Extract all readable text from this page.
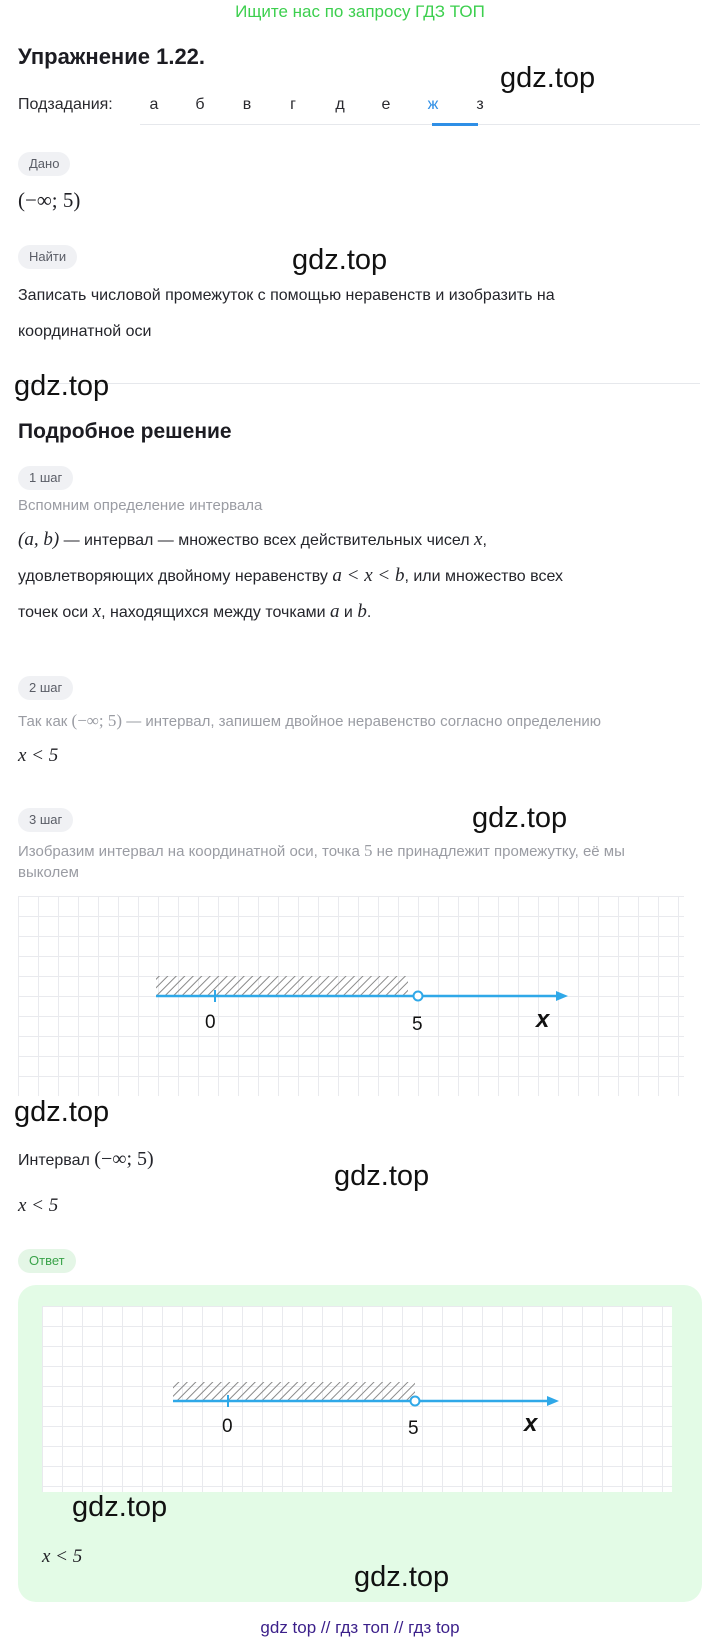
Ищите нас по запросу ГДЗ ТОП
Упражнение 1.22.
gdz.top
Подзадания:	а	б	в	г	д	е	ж	з
Дано
(−∞; 5)
Найти	gdz.top
Записать числовой промежуток с помощью неравенств и изобразить на
координатной оси
gdz.top
Подробное решение
1 шаг
Вспомним определение интервала
(a, b) — интервал — множество всех действительных чисел x,
удовлетворяющих двойному неравенству a < x < b, или множество всех
точек оси x, находящихся между точками a и b.
2 шаг
Так как (−∞; 5) — интервал, запишем двойное неравенство согласно определению
x < 5
3 шаг	gdz.top
Изобразим интервал на координатной оси, точка 5 не принадлежит промежутку, её мы
выколем
0	5	x
gdz.top
Интервал (−∞; 5)
gdz.top
x < 5
Ответ
0	5	x
gdz.top
x < 5
gdz.top
gdz top // гдз топ // гдз top
